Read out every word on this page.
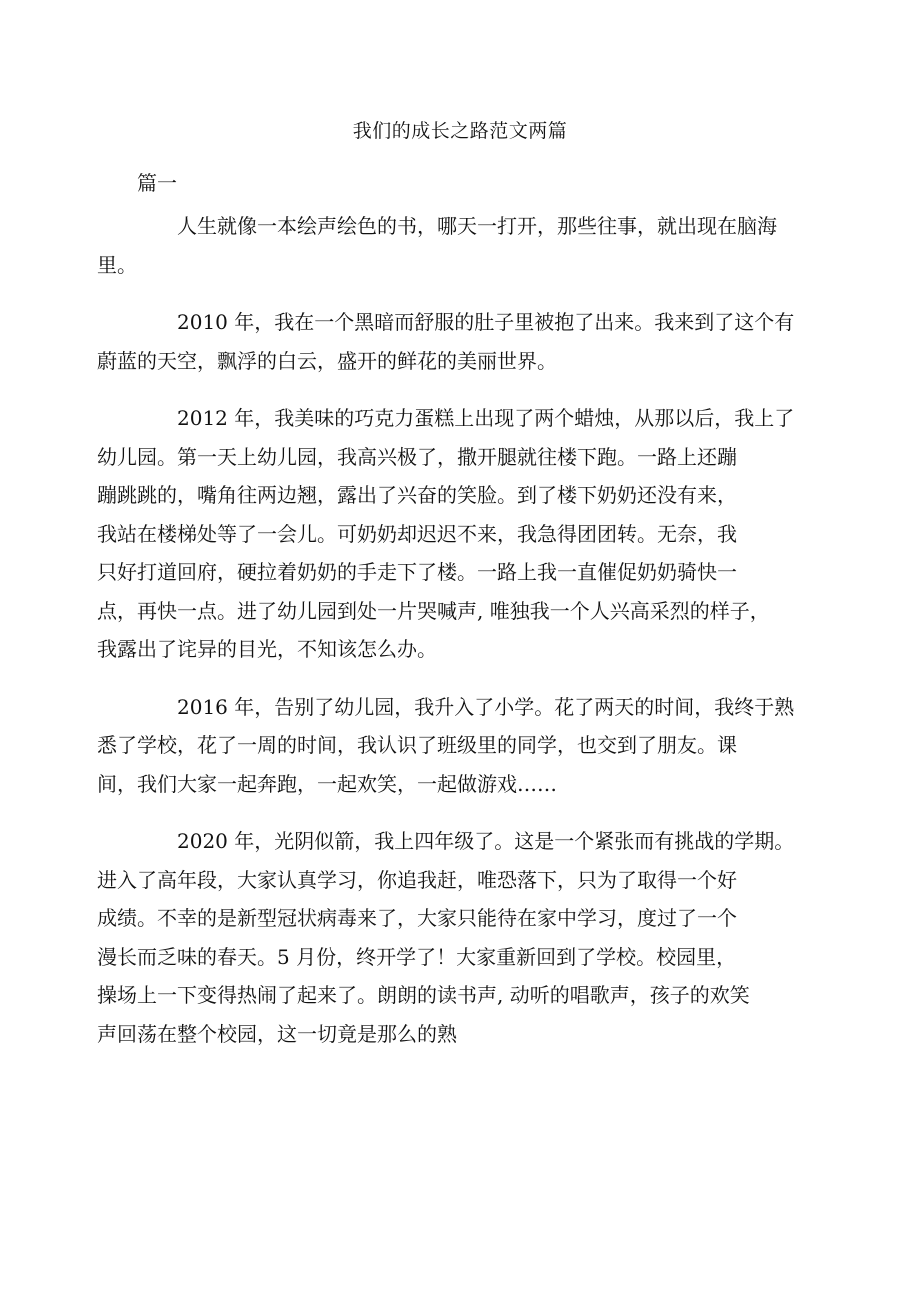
我们的成长之路范文两篇
篇一

人生就像一本绘声绘色的书，哪天一打开，那些往事，就出现在脑海
里。

2010 年，我在一个黑暗而舒服的肚子里被抱了出来。我来到了这个有
蔚蓝的天空，飘浮的白云，盛开的鲜花的美丽世界。

2012 年，我美味的巧克力蛋糕上出现了两个蜡烛，从那以后，我上了
幼儿园。第一天上幼儿园，我高兴极了，撒开腿就往楼下跑。一路上还蹦
蹦跳跳的，嘴角往两边翘，露出了兴奋的笑脸。到了楼下奶奶还没有来，
我站在楼梯处等了一会儿。可奶奶却迟迟不来，我急得团团转。无奈，我
只好打道回府，硬拉着奶奶的手走下了楼。一路上我一直催促奶奶骑快一
点，再快一点。进了幼儿园到处一片哭喊声, 唯独我一个人兴高采烈的样子，
我露出了诧异的目光，不知该怎么办。

2016 年，告别了幼儿园，我升入了小学。花了两天的时间，我终于熟
悉了学校，花了一周的时间，我认识了班级里的同学，也交到了朋友。课
间，我们大家一起奔跑，一起欢笑，一起做游戏……

2020 年，光阴似箭，我上四年级了。这是一个紧张而有挑战的学期。
进入了高年段，大家认真学习，你追我赶，唯恐落下，只为了取得一个好
成绩。不幸的是新型冠状病毒来了，大家只能待在家中学习，度过了一个
漫长而乏味的春天。5 月份，终开学了！大家重新回到了学校。校园里，
操场上一下变得热闹了起来了。朗朗的读书声, 动听的唱歌声，孩子的欢笑
声回荡在整个校园，这一切竟是那么的熟
